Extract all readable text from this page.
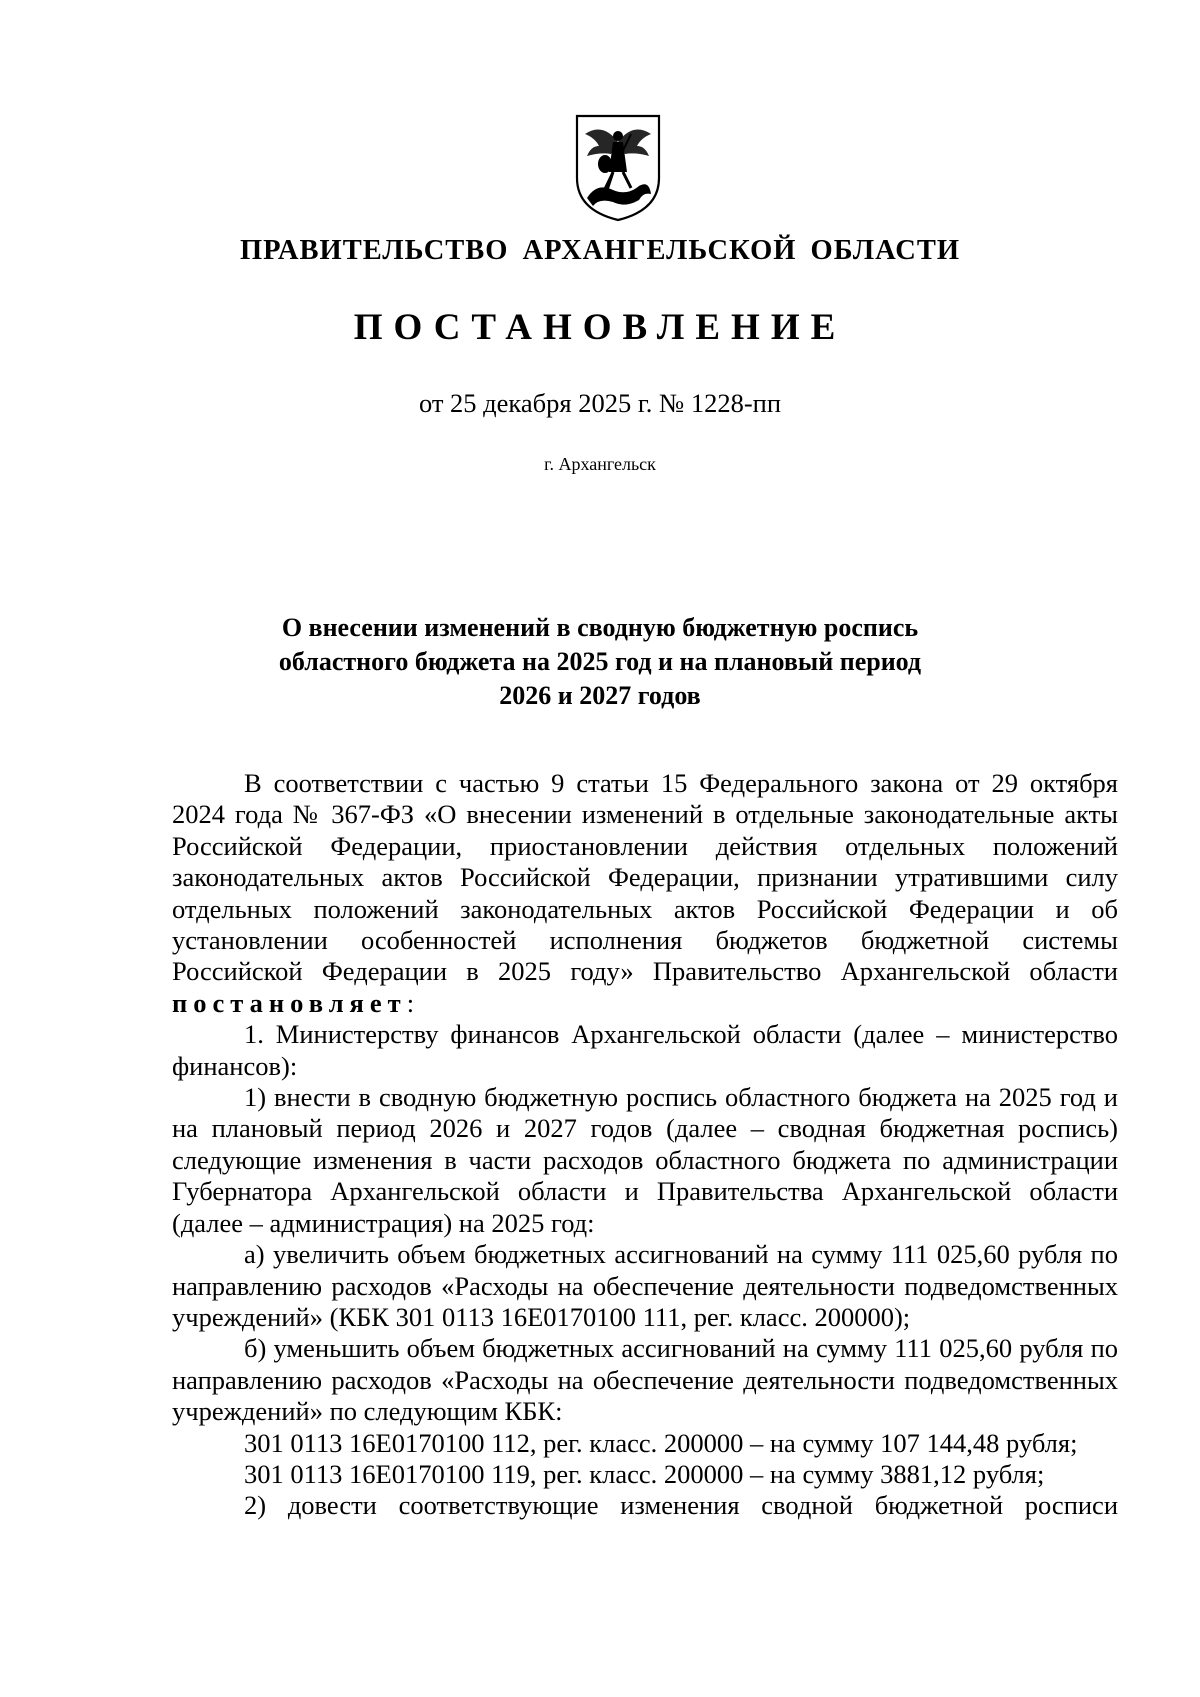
ПРАВИТЕЛЬСТВО АРХАНГЕЛЬСКОЙ ОБЛАСТИ
ПОСТАНОВЛЕНИЕ
от 25 декабря 2025 г. № 1228-пп
г. Архангельск
О внесении изменений в сводную бюджетную роспись
областного бюджета на 2025 год и на плановый период
2026 и 2027 годов

В соответствии с частью 9 статьи 15 Федерального закона от 29 октября 2024 года № 367-ФЗ «О внесении изменений в отдельные законодательные акты Российской Федерации, приостановлении действия отдельных положений законодательных актов Российской Федерации, признании утратившими силу отдельных положений законодательных актов Российской Федерации и об установлении особенностей исполнения бюджетов бюджетной системы Российской Федерации в 2025 году» Правительство Архангельской области постановляет:

1. Министерству финансов Архангельской области (далее – министерство финансов):

1) внести в сводную бюджетную роспись областного бюджета на 2025 год и на плановый период 2026 и 2027 годов (далее – сводная бюджетная роспись) следующие изменения в части расходов областного бюджета по администрации Губернатора Архангельской области и Правительства Архангельской области (далее – администрация) на 2025 год:

а) увеличить объем бюджетных ассигнований на сумму 111 025,60 рубля по направлению расходов «Расходы на обеспечение деятельности подведомственных учреждений» (КБК 301 0113 16Е0170100 111, рег. класс. 200000);

б) уменьшить объем бюджетных ассигнований на сумму 111 025,60 рубля по направлению расходов «Расходы на обеспечение деятельности подведомственных учреждений» по следующим КБК:

301 0113 16Е0170100 112, рег. класс. 200000 – на сумму 107 144,48 рубля;

301 0113 16Е0170100 119, рег. класс. 200000 – на сумму 3881,12 рубля;

2) довести соответствующие изменения сводной бюджетной росписи
